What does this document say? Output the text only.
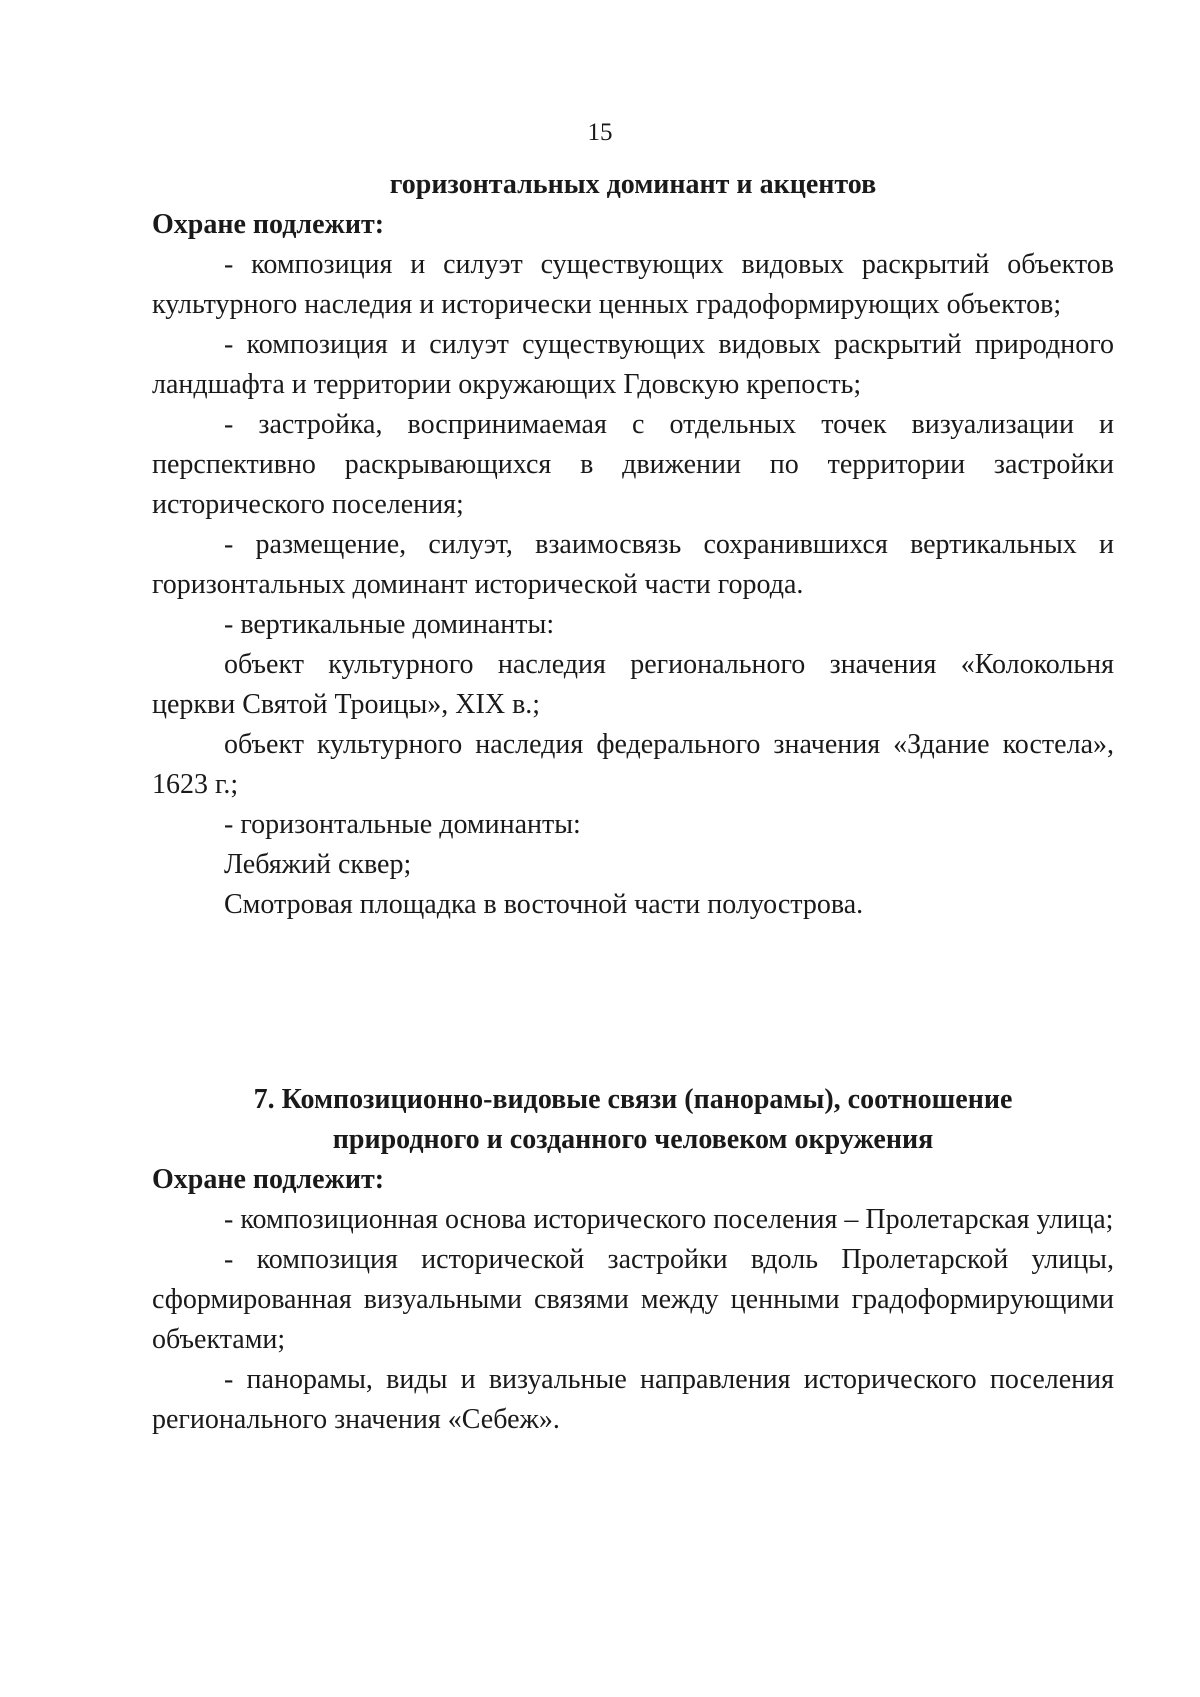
15
горизонтальных доминант и акцентов
Охране подлежит:
- композиция и силуэт существующих видовых раскрытий объектов культурного наследия и исторически ценных градоформирующих объектов;
- композиция и силуэт существующих видовых раскрытий природного ландшафта и территории окружающих Гдовскую крепость;
- застройка, воспринимаемая с отдельных точек визуализации и перспективно раскрывающихся в движении по территории застройки исторического поселения;
- размещение, силуэт, взаимосвязь сохранившихся вертикальных и горизонтальных доминант исторической части города.
- вертикальные доминанты:
объект культурного наследия регионального значения «Колокольня церкви Святой Троицы», XIX в.;
объект культурного наследия федерального значения «Здание костела», 1623 г.;
- горизонтальные доминанты:
Лебяжий сквер;
Смотровая площадка в восточной части полуострова.
7. Композиционно-видовые связи (панорамы), соотношение
природного и созданного человеком окружения
Охране подлежит:
- композиционная основа исторического поселения – Пролетарская улица;
- композиция исторической застройки вдоль Пролетарской улицы, сформированная визуальными связями между ценными градоформирующими объектами;
- панорамы, виды и визуальные направления исторического поселения регионального значения «Себеж».
